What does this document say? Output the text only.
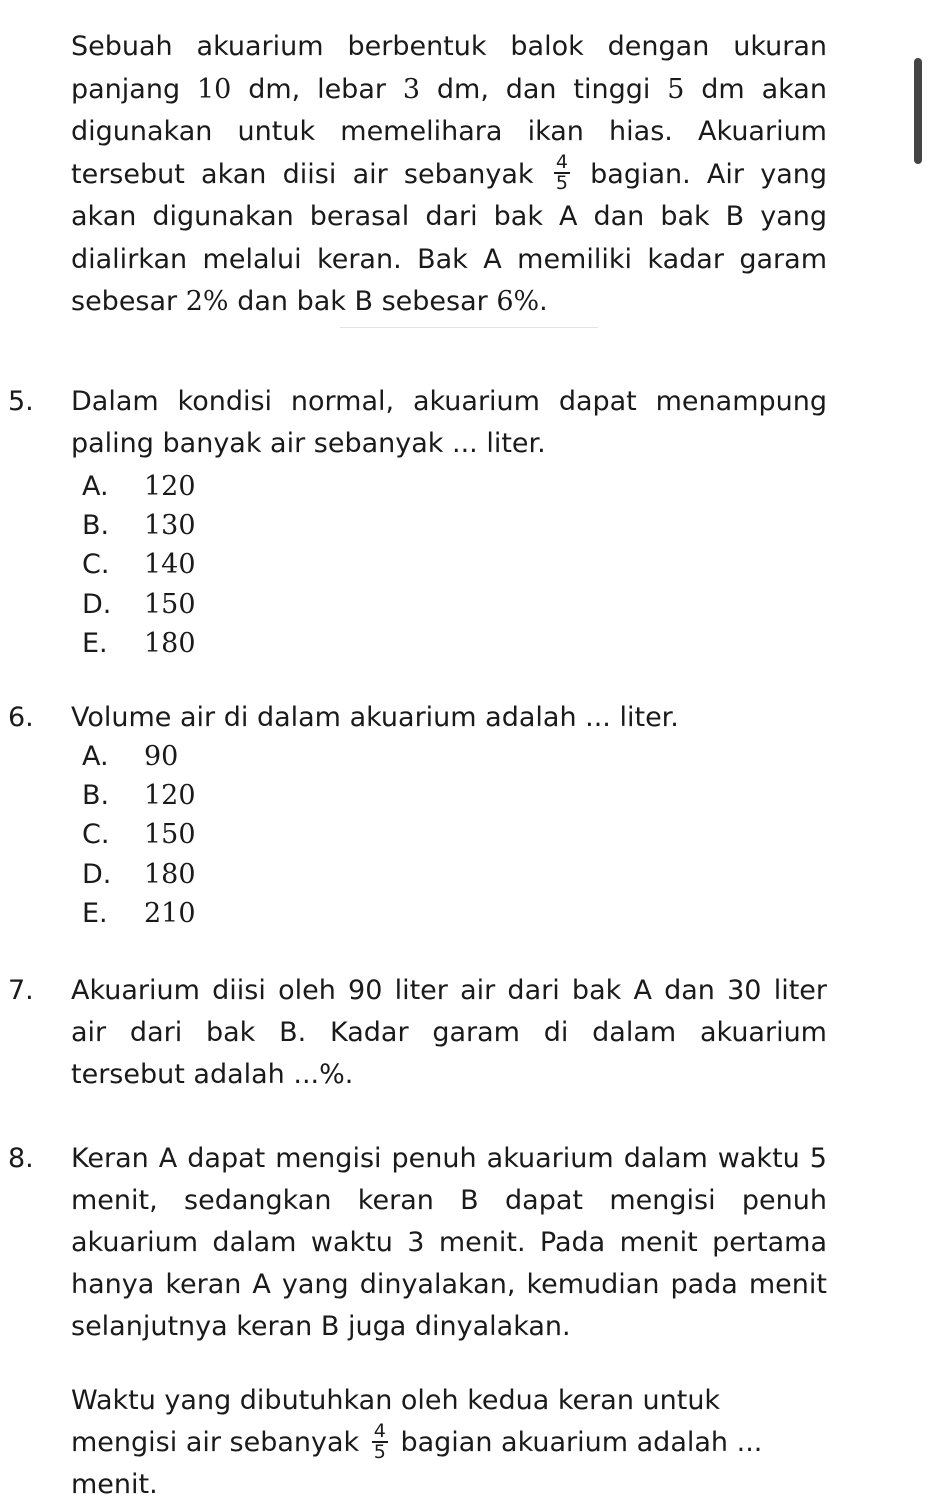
Sebuah akuarium berbentuk balok dengan ukuran panjang 10 dm, lebar 3 dm, dan tinggi 5 dm akan digunakan untuk memelihara ikan hias. Akuarium tersebut akan diisi air sebanyak $\frac{4}{5}$ bagian. Air yang akan digunakan berasal dari bak A dan bak B yang dialirkan melalui keran. Bak A memiliki kadar garam sebesar 2% dan bak B sebesar 6%.

5. Dalam kondisi normal, akuarium dapat menampung paling banyak air sebanyak ... liter.
A. 120
B. 130
C. 140
D. 150
E. 180
6. Volume air di dalam akuarium adalah ... liter.
A. 90
B. 120
C. 150
D. 180
E. 210
7. Akuarium diisi oleh 90 liter air dari bak A dan 30 liter air dari bak B. Kadar garam di dalam akuarium tersebut adalah ...%.
8. Keran A dapat mengisi penuh akuarium dalam waktu 5 menit, sedangkan keran B dapat mengisi penuh akuarium dalam waktu 3 menit. Pada menit pertama hanya keran A yang dinyalakan, kemudian pada menit selanjutnya keran B juga dinyalakan.
Waktu yang dibutuhkan oleh kedua keran untuk mengisi air sebanyak $\frac{4}{5}$ bagian akuarium adalah ... menit.
